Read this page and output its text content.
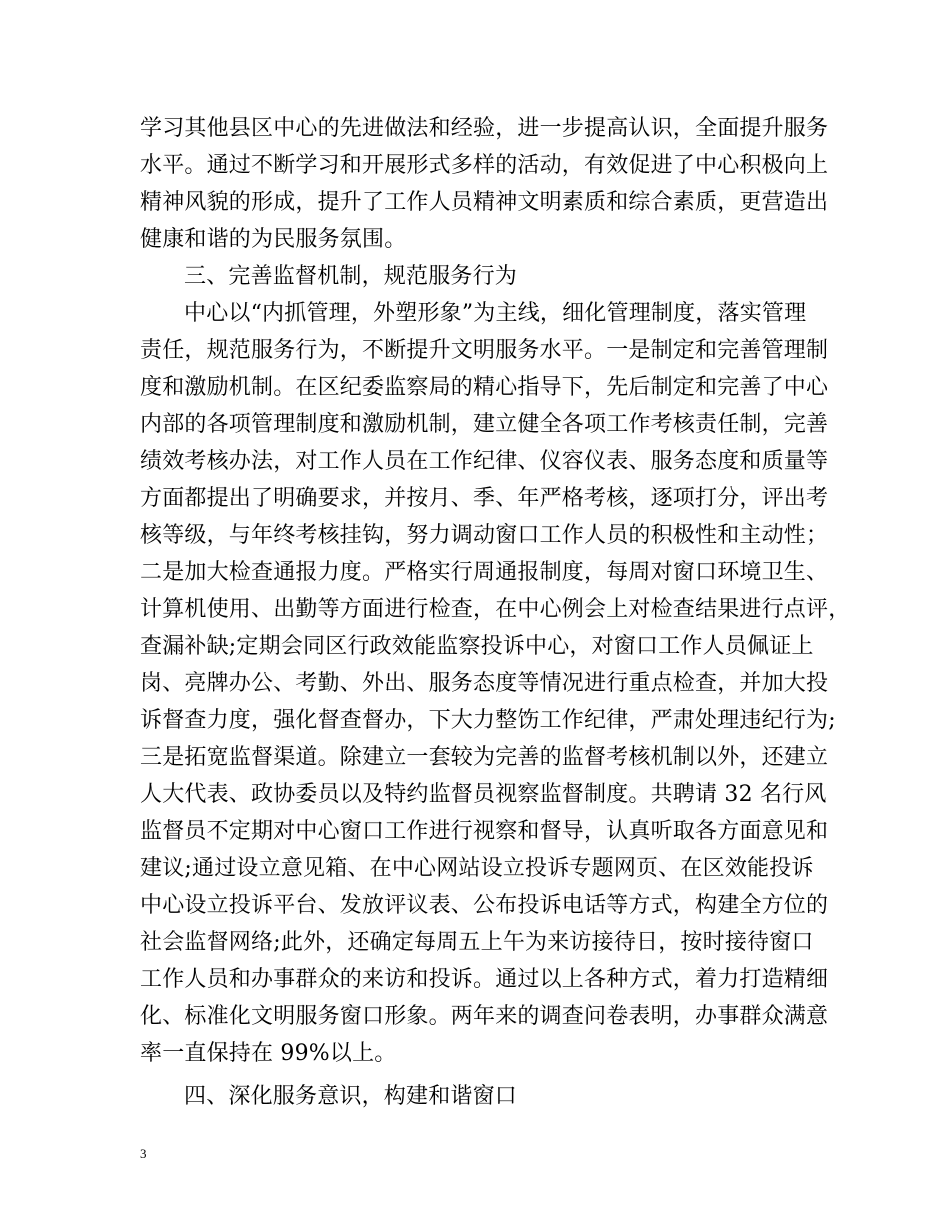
学习其他县区中心的先进做法和经验，进一步提高认识，全面提升服务
水平。通过不断学习和开展形式多样的活动，有效促进了中心积极向上
精神风貌的形成，提升了工作人员精神文明素质和综合素质，更营造出
健康和谐的为民服务氛围。
三、完善监督机制，规范服务行为
中心以“内抓管理，外塑形象”为主线，细化管理制度，落实管理
责任，规范服务行为，不断提升文明服务水平。一是制定和完善管理制
度和激励机制。在区纪委监察局的精心指导下，先后制定和完善了中心
内部的各项管理制度和激励机制，建立健全各项工作考核责任制，完善
绩效考核办法，对工作人员在工作纪律、仪容仪表、服务态度和质量等
方面都提出了明确要求，并按月、季、年严格考核，逐项打分，评出考
核等级，与年终考核挂钩，努力调动窗口工作人员的积极性和主动性；
二是加大检查通报力度。严格实行周通报制度，每周对窗口环境卫生、
计算机使用、出勤等方面进行检查，在中心例会上对检查结果进行点评，
查漏补缺;定期会同区行政效能监察投诉中心，对窗口工作人员佩证上
岗、亮牌办公、考勤、外出、服务态度等情况进行重点检查，并加大投
诉督查力度，强化督查督办，下大力整饬工作纪律，严肃处理违纪行为;
三是拓宽监督渠道。除建立一套较为完善的监督考核机制以外，还建立
人大代表、政协委员以及特约监督员视察监督制度。共聘请 32 名行风
监督员不定期对中心窗口工作进行视察和督导，认真听取各方面意见和
建议;通过设立意见箱、在中心网站设立投诉专题网页、在区效能投诉
中心设立投诉平台、发放评议表、公布投诉电话等方式，构建全方位的
社会监督网络;此外，还确定每周五上午为来访接待日，按时接待窗口
工作人员和办事群众的来访和投诉。通过以上各种方式，着力打造精细
化、标准化文明服务窗口形象。两年来的调查问卷表明，办事群众满意
率一直保持在 99%以上。
四、深化服务意识，构建和谐窗口
3
